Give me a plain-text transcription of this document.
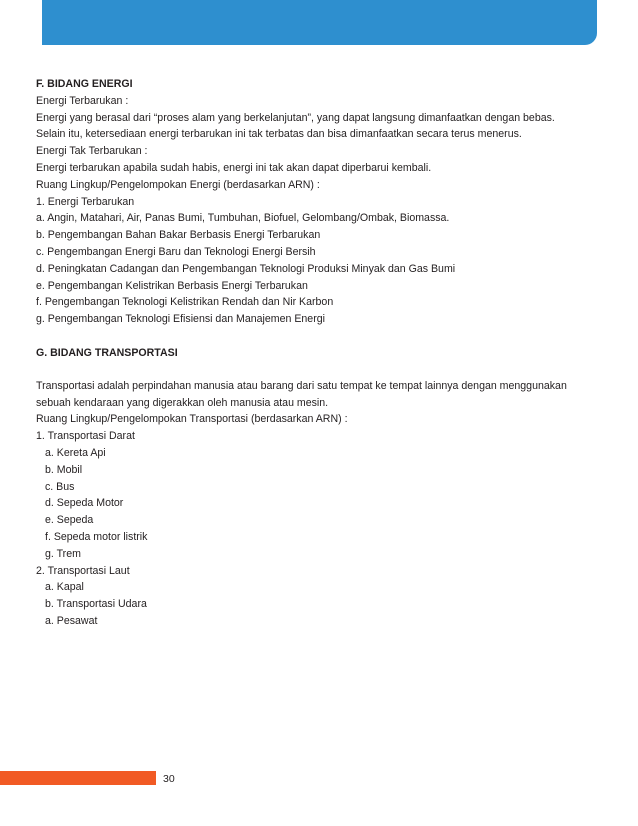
F. BIDANG ENERGI
Energi Terbarukan :
Energi yang berasal dari “proses alam yang berkelanjutan”, yang dapat langsung dimanfaatkan dengan bebas.
Selain itu, ketersediaan energi terbarukan ini tak terbatas dan bisa dimanfaatkan secara terus menerus.
Energi Tak Terbarukan :
Energi terbarukan apabila sudah habis, energi ini tak akan dapat diperbarui kembali.
Ruang Lingkup/Pengelompokan Energi (berdasarkan ARN) :
1. Energi Terbarukan
a. Angin, Matahari, Air, Panas Bumi, Tumbuhan, Biofuel, Gelombang/Ombak, Biomassa.
b. Pengembangan Bahan Bakar Berbasis Energi Terbarukan
c. Pengembangan Energi Baru dan Teknologi Energi Bersih
d. Peningkatan Cadangan dan Pengembangan Teknologi Produksi Minyak dan Gas Bumi
e. Pengembangan Kelistrikan Berbasis Energi Terbarukan
f. Pengembangan Teknologi Kelistrikan Rendah dan Nir Karbon
g. Pengembangan Teknologi Efisiensi dan Manajemen Energi
G. BIDANG TRANSPORTASI
Transportasi adalah perpindahan manusia atau barang dari satu tempat ke tempat lainnya dengan menggunakan
sebuah kendaraan yang digerakkan oleh manusia atau mesin.
Ruang Lingkup/Pengelompokan Transportasi (berdasarkan ARN) :
1. Transportasi Darat
a. Kereta Api
b. Mobil
c. Bus
d. Sepeda Motor
e. Sepeda
f. Sepeda motor listrik
g. Trem
2. Transportasi Laut
a. Kapal
b. Transportasi Udara
a. Pesawat
30
